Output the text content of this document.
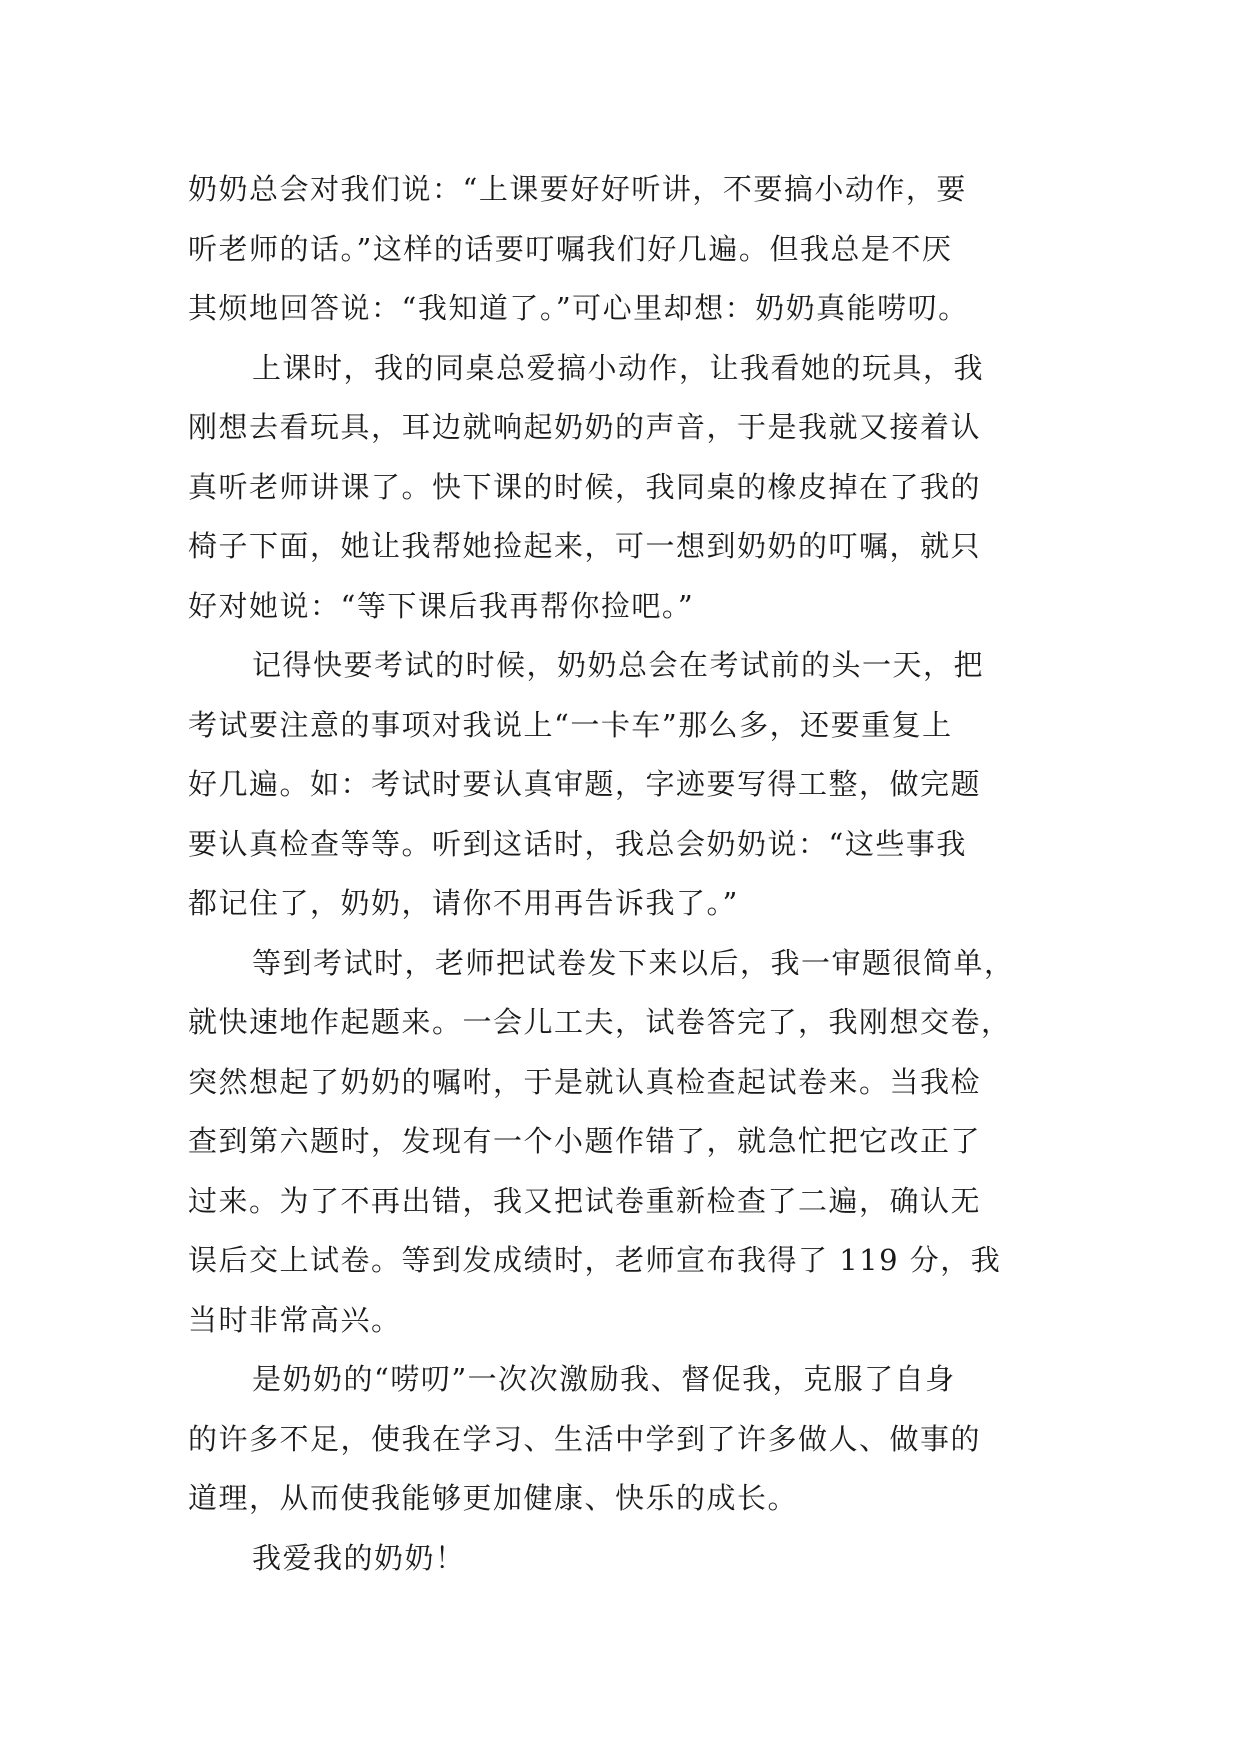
奶奶总会对我们说：“上课要好好听讲，不要搞小动作，要
听老师的话。”这样的话要叮嘱我们好几遍。但我总是不厌
其烦地回答说：“我知道了。”可心里却想：奶奶真能唠叨。
上课时，我的同桌总爱搞小动作，让我看她的玩具，我
刚想去看玩具，耳边就响起奶奶的声音，于是我就又接着认
真听老师讲课了。快下课的时候，我同桌的橡皮掉在了我的
椅子下面，她让我帮她捡起来，可一想到奶奶的叮嘱，就只
好对她说：“等下课后我再帮你捡吧。”
记得快要考试的时候，奶奶总会在考试前的头一天，把
考试要注意的事项对我说上“一卡车”那么多，还要重复上
好几遍。如：考试时要认真审题，字迹要写得工整，做完题
要认真检查等等。听到这话时，我总会奶奶说：“这些事我
都记住了，奶奶，请你不用再告诉我了。”
等到考试时，老师把试卷发下来以后，我一审题很简单，
就快速地作起题来。一会儿工夫，试卷答完了，我刚想交卷，
突然想起了奶奶的嘱咐，于是就认真检查起试卷来。当我检
查到第六题时，发现有一个小题作错了，就急忙把它改正了
过来。为了不再出错，我又把试卷重新检查了二遍，确认无
误后交上试卷。等到发成绩时，老师宣布我得了 119 分，我
当时非常高兴。
是奶奶的“唠叨”一次次激励我、督促我，克服了自身
的许多不足，使我在学习、生活中学到了许多做人、做事的
道理，从而使我能够更加健康、快乐的成长。
我爱我的奶奶！
